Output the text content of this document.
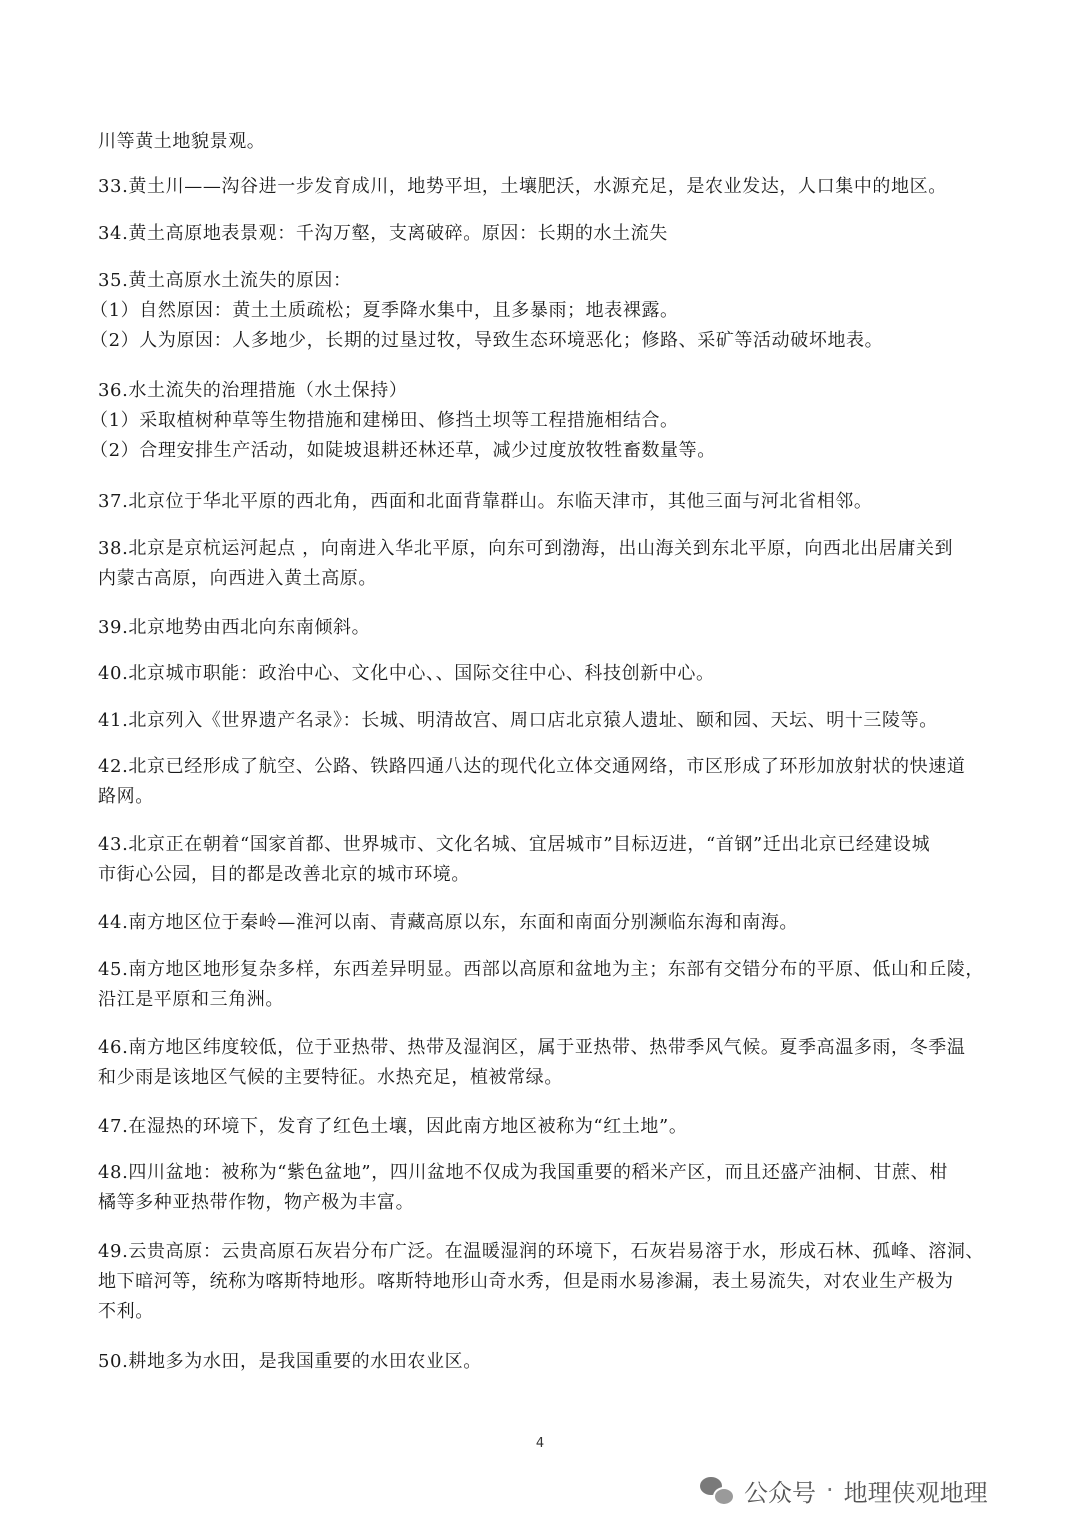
川等黄土地貌景观。
33.黄土川——沟谷进一步发育成川，地势平坦，土壤肥沃，水源充足，是农业发达，人口集中的地区。
34.黄土高原地表景观：千沟万壑，支离破碎。原因：长期的水土流失
35.黄土高原水土流失的原因：
（1）自然原因：黄土土质疏松；夏季降水集中，且多暴雨；地表裸露。
（2）人为原因：人多地少，长期的过垦过牧，导致生态环境恶化；修路、采矿等活动破坏地表。
36.水土流失的治理措施（水土保持）
（1）采取植树种草等生物措施和建梯田、修挡土坝等工程措施相结合。
（2）合理安排生产活动，如陡坡退耕还林还草，减少过度放牧牲畜数量等。
37.北京位于华北平原的西北角，西面和北面背靠群山。东临天津市，其他三面与河北省相邻。
38.北京是京杭运河起点 ，向南进入华北平原，向东可到渤海，出山海关到东北平原，向西北出居庸关到
内蒙古高原，向西进入黄土高原。
39.北京地势由西北向东南倾斜。
40.北京城市职能：政治中心、文化中心、、国际交往中心、科技创新中心。
41.北京列入《世界遗产名录》：长城、明清故宫、周口店北京猿人遗址、颐和园、天坛、明十三陵等。
42.北京已经形成了航空、公路、铁路四通八达的现代化立体交通网络，市区形成了环形加放射状的快速道
路网。
43.北京正在朝着“国家首都、世界城市、文化名城、宜居城市”目标迈进，“首钢”迁出北京已经建设城
市街心公园，目的都是改善北京的城市环境。
44.南方地区位于秦岭—淮河以南、青藏高原以东，东面和南面分别濒临东海和南海。
45.南方地区地形复杂多样，东西差异明显。西部以高原和盆地为主；东部有交错分布的平原、低山和丘陵，
沿江是平原和三角洲。
46.南方地区纬度较低，位于亚热带、热带及湿润区，属于亚热带、热带季风气候。夏季高温多雨，冬季温
和少雨是该地区气候的主要特征。水热充足，植被常绿。
47.在湿热的环境下，发育了红色土壤，因此南方地区被称为“红土地”。
48.四川盆地：被称为“紫色盆地”，四川盆地不仅成为我国重要的稻米产区，而且还盛产油桐、甘蔗、柑
橘等多种亚热带作物，物产极为丰富。
49.云贵高原：云贵高原石灰岩分布广泛。在温暖湿润的环境下，石灰岩易溶于水，形成石林、孤峰、溶洞、
地下暗河等，统称为喀斯特地形。喀斯特地形山奇水秀，但是雨水易渗漏，表土易流失，对农业生产极为
不利。
50.耕地多为水田，是我国重要的水田农业区。
4
公众号 · 地理侠观地理
